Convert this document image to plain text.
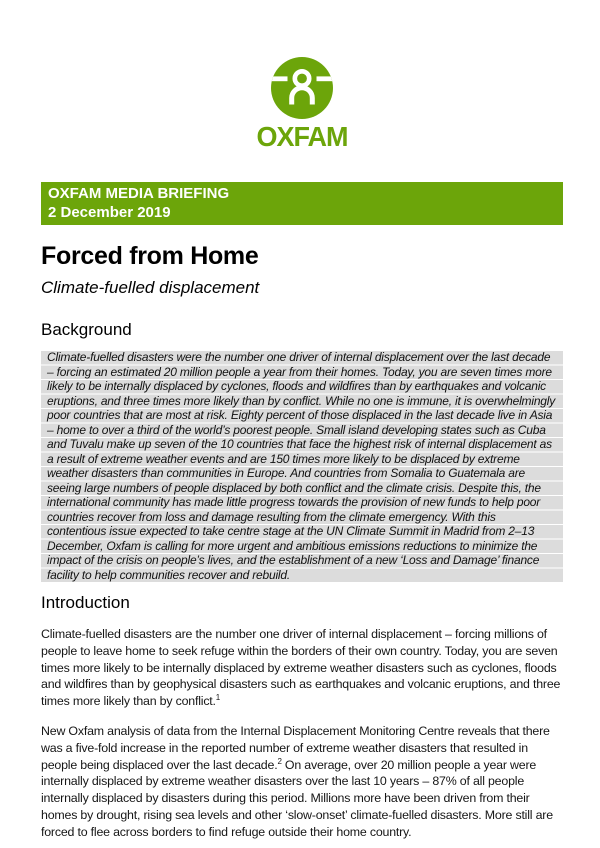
OXFAM
OXFAM MEDIA BRIEFING
2 December 2019
Forced from Home
Climate-fuelled displacement
Background
Climate-fuelled disasters were the number one driver of internal displacement over the last decade – forcing an estimated 20 million people a year from their homes. Today, you are seven times more likely to be internally displaced by cyclones, floods and wildfires than by earthquakes and volcanic eruptions, and three times more likely than by conflict. While no one is immune, it is overwhelmingly poor countries that are most at risk. Eighty percent of those displaced in the last decade live in Asia – home to over a third of the world’s poorest people. Small island developing states such as Cuba and Tuvalu make up seven of the 10 countries that face the highest risk of internal displacement as a result of extreme weather events and are 150 times more likely to be displaced by extreme weather disasters than communities in Europe. And countries from Somalia to Guatemala are seeing large numbers of people displaced by both conflict and the climate crisis. Despite this, the international community has made little progress towards the provision of new funds to help poor countries recover from loss and damage resulting from the climate emergency. With this contentious issue expected to take centre stage at the UN Climate Summit in Madrid from 2–13 December, Oxfam is calling for more urgent and ambitious emissions reductions to minimize the impact of the crisis on people’s lives, and the establishment of a new ‘Loss and Damage’ finance facility to help communities recover and rebuild.
Introduction

Climate-fuelled disasters are the number one driver of internal displacement – forcing millions of people to leave home to seek refuge within the borders of their own country. Today, you are seven times more likely to be internally displaced by extreme weather disasters such as cyclones, floods and wildfires than by geophysical disasters such as earthquakes and volcanic eruptions, and three times more likely than by conflict.$^1$

New Oxfam analysis of data from the Internal Displacement Monitoring Centre reveals that there was a five-fold increase in the reported number of extreme weather disasters that resulted in people being displaced over the last decade.$^2$ On average, over 20 million people a year were internally displaced by extreme weather disasters over the last 10 years – 87% of all people internally displaced by disasters during this period. Millions more have been driven from their homes by drought, rising sea levels and other ‘slow-onset’ climate-fuelled disasters. More still are forced to flee across borders to find refuge outside their home country.
